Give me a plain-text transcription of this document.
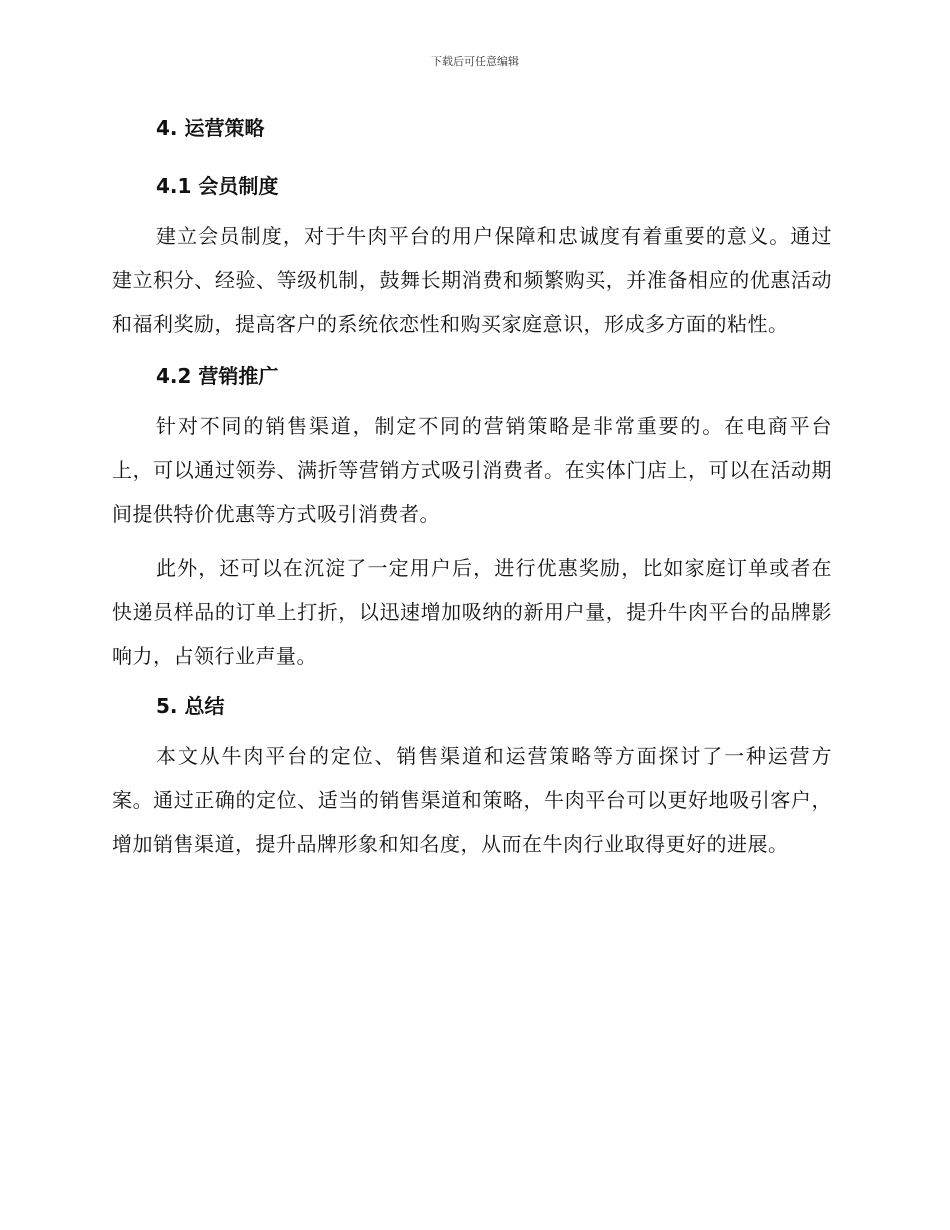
下载后可任意编辑
4. 运营策略
4.1 会员制度

建立会员制度，对于牛肉平台的用户保障和忠诚度有着重要的意义。通过建立积分、经验、等级机制，鼓舞长期消费和频繁购买，并准备相应的优惠活动和福利奖励，提高客户的系统依恋性和购买家庭意识，形成多方面的粘性。

4.2 营销推广

针对不同的销售渠道，制定不同的营销策略是非常重要的。在电商平台上，可以通过领券、满折等营销方式吸引消费者。在实体门店上，可以在活动期间提供特价优惠等方式吸引消费者。

此外，还可以在沉淀了一定用户后，进行优惠奖励，比如家庭订单或者在快递员样品的订单上打折，以迅速增加吸纳的新用户量，提升牛肉平台的品牌影响力，占领行业声量。

5. 总结

本文从牛肉平台的定位、销售渠道和运营策略等方面探讨了一种运营方案。通过正确的定位、适当的销售渠道和策略，牛肉平台可以更好地吸引客户，增加销售渠道，提升品牌形象和知名度，从而在牛肉行业取得更好的进展。
